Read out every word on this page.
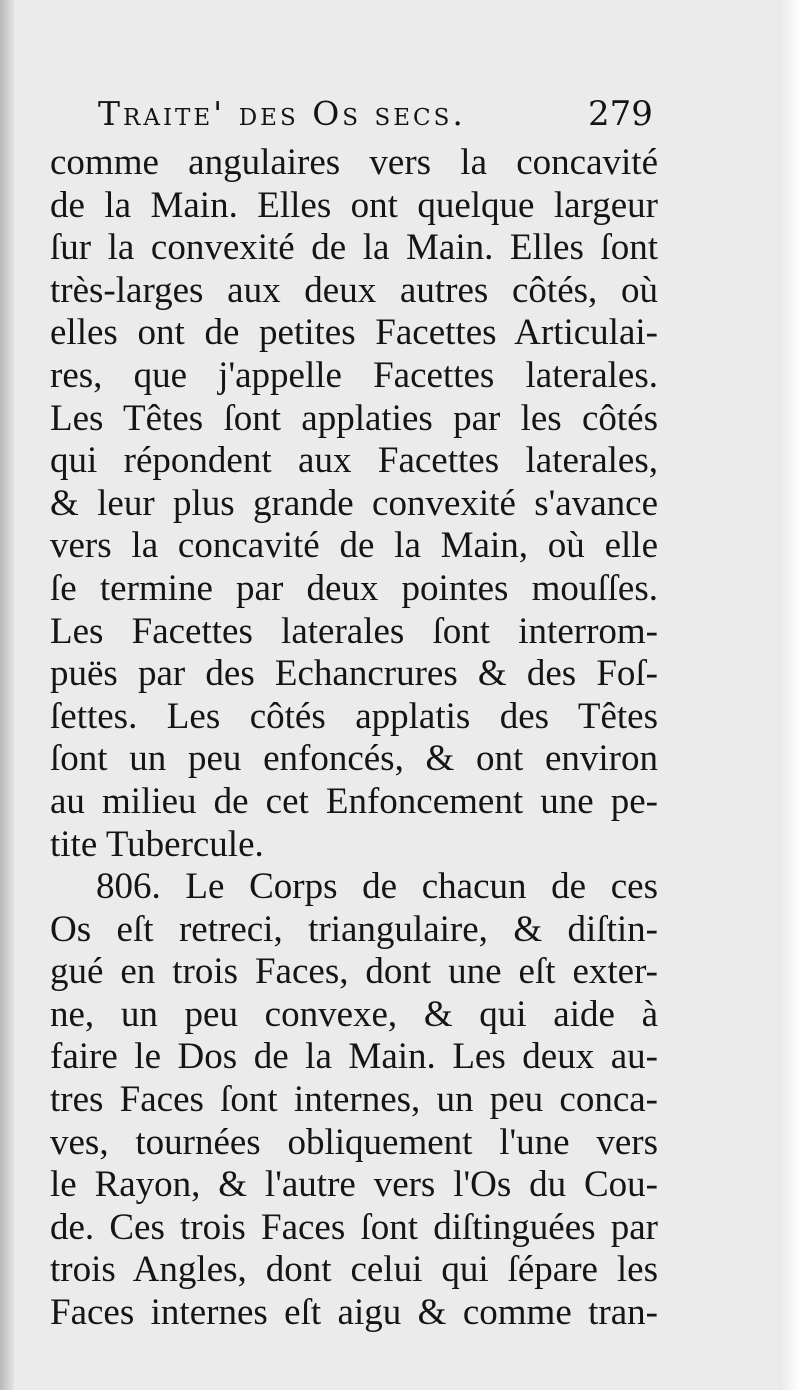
Traite' des Os secs.	279
comme angulaires vers la concavité
de la Main. Elles ont quelque largeur
ſur la convexité de la Main. Elles ſont
très-larges aux deux autres côtés, où
elles ont de petites Facettes Articulai-
res, que j'appelle Facettes laterales.
Les Têtes ſont applaties par les côtés
qui répondent aux Facettes laterales,
& leur plus grande convexité s'avance
vers la concavité de la Main, où elle
ſe termine par deux pointes mouſſes.
Les Facettes laterales ſont interrom-
puës par des Echancrures & des Foſ-
ſettes. Les côtés applatis des Têtes
ſont un peu enfoncés, & ont environ
au milieu de cet Enfoncement une pe-
tite Tubercule.
806. Le Corps de chacun de ces
Os eſt retreci, triangulaire, & diſtin-
gué en trois Faces, dont une eſt exter-
ne, un peu convexe, & qui aide à
faire le Dos de la Main. Les deux au-
tres Faces ſont internes, un peu conca-
ves, tournées obliquement l'une vers
le Rayon, & l'autre vers l'Os du Cou-
de. Ces trois Faces ſont diſtinguées par
trois Angles, dont celui qui ſépare les
Faces internes eſt aigu & comme tran-
